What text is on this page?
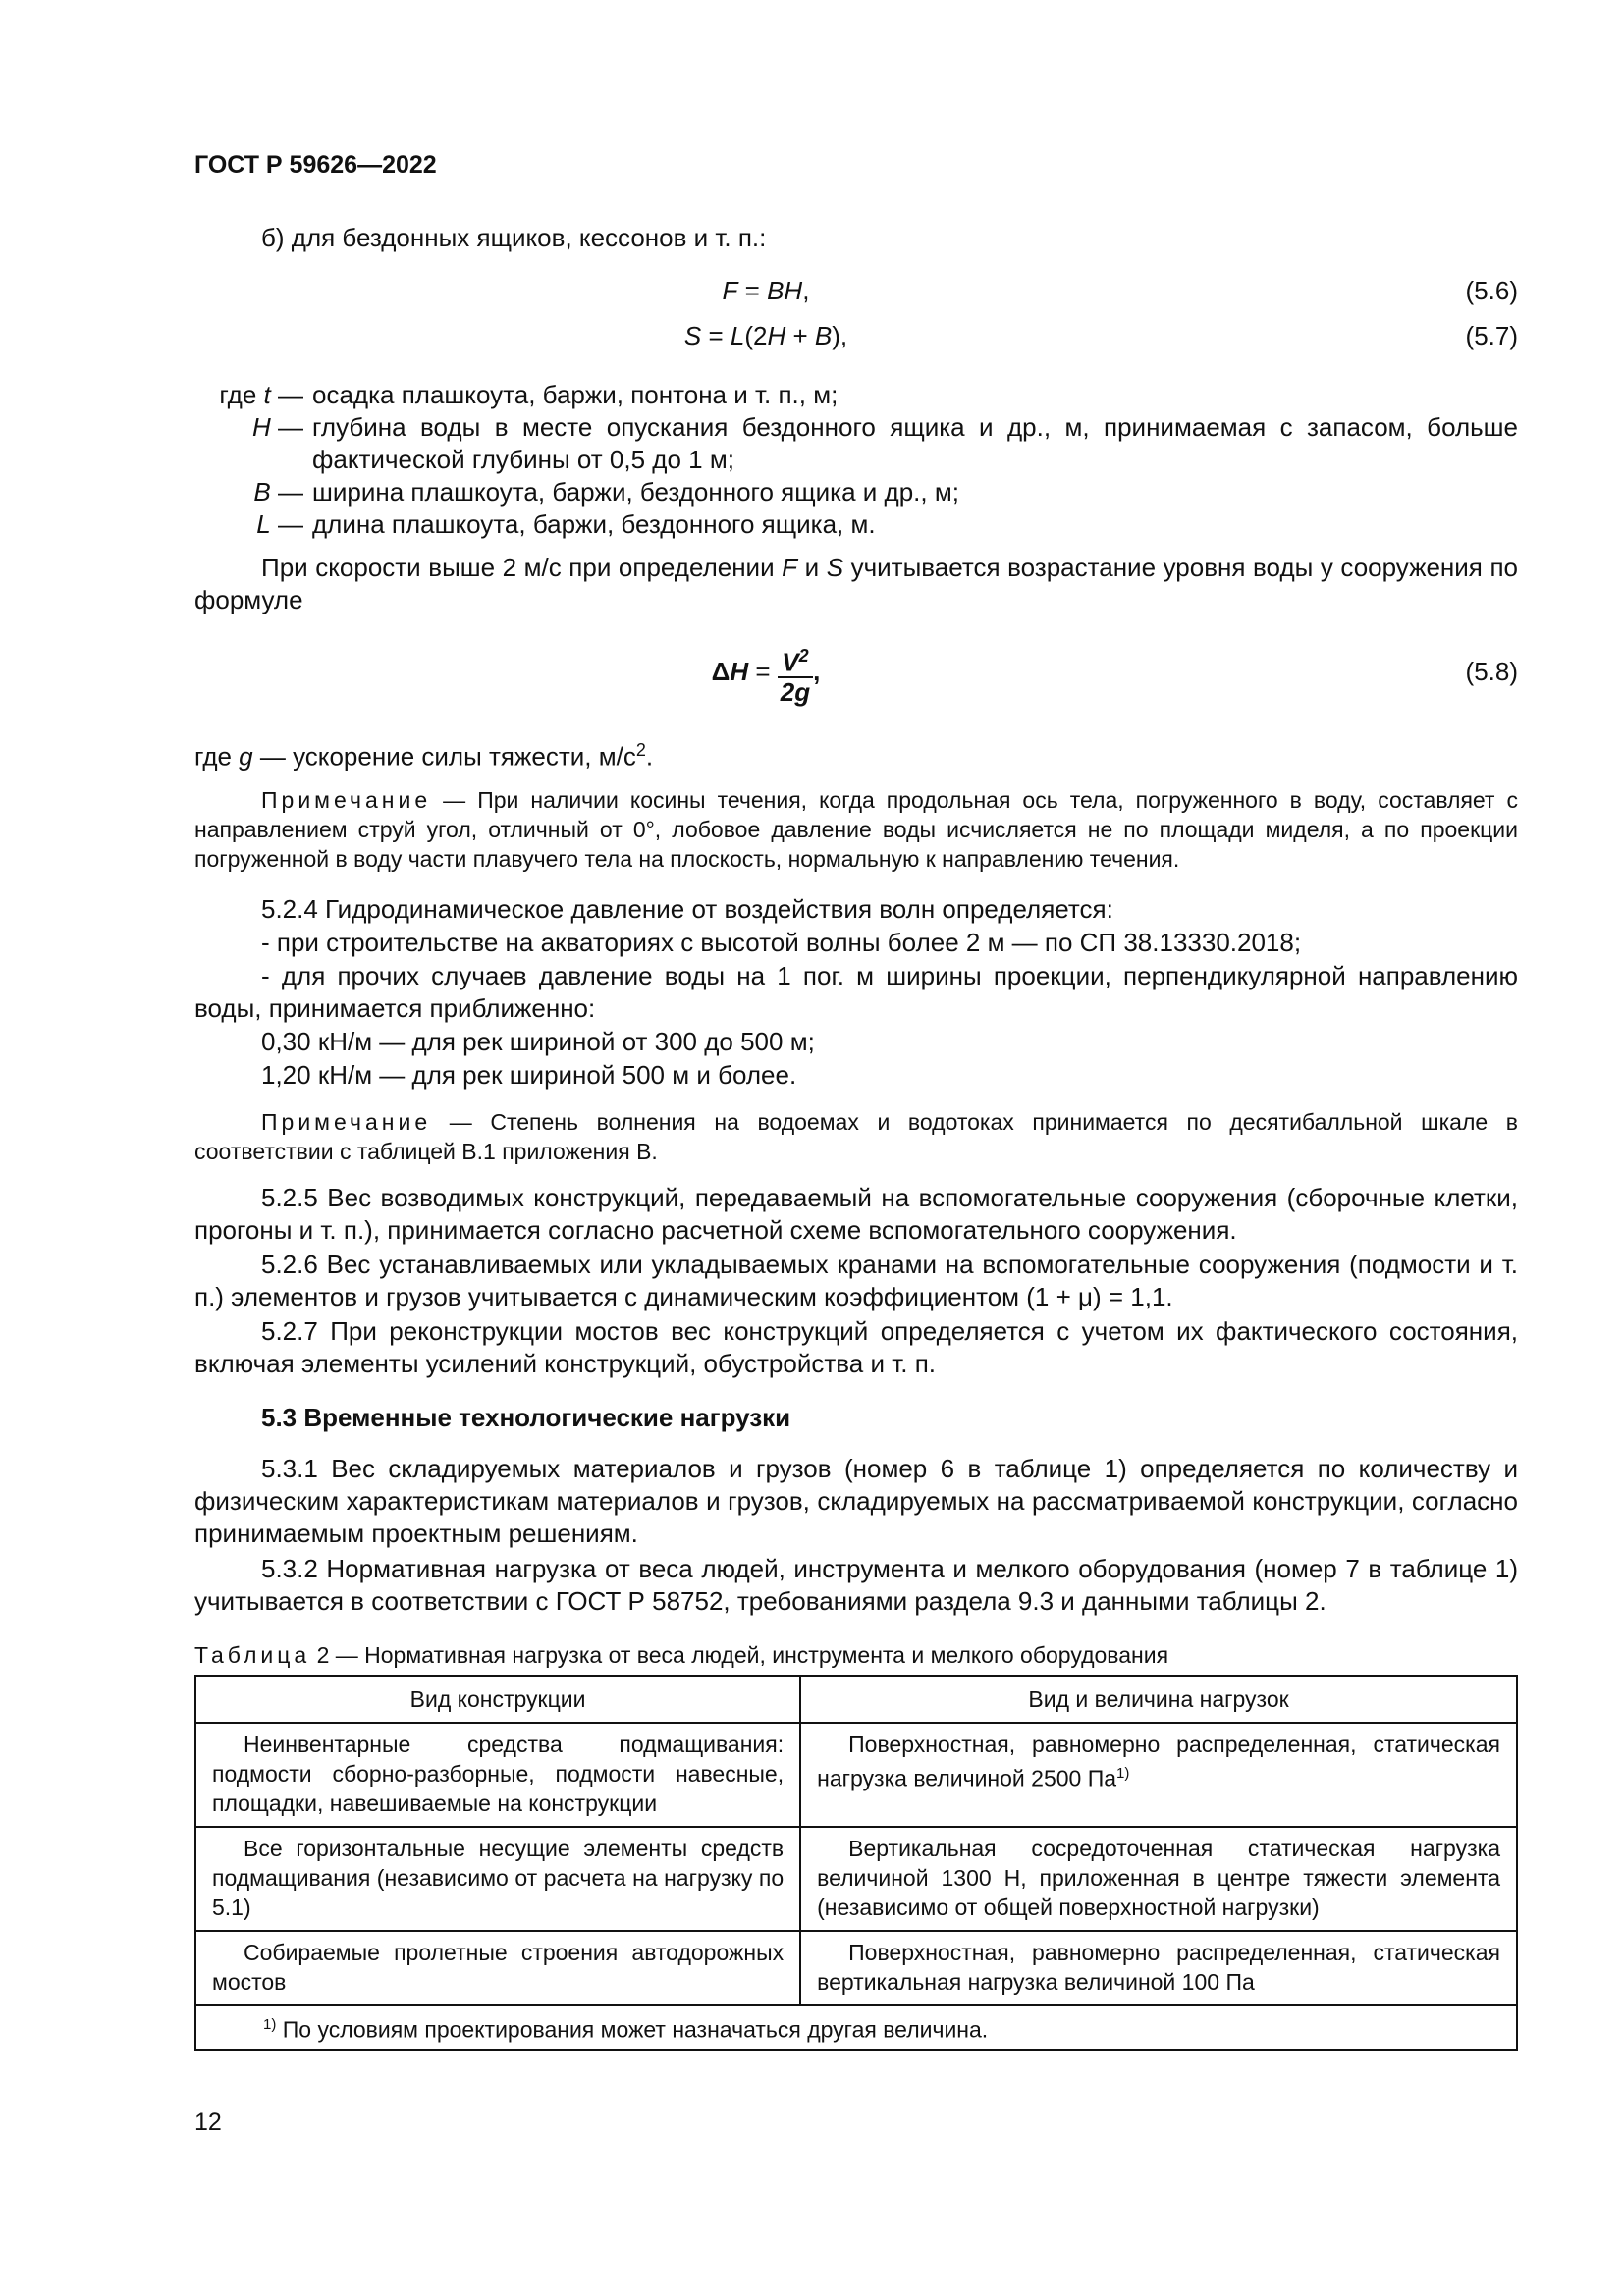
ГОСТ Р 59626—2022
б) для бездонных ящиков, кессонов и т. п.:
F = BH,	(5.6)
S = L(2H + B),	(5.7)
где t — осадка плашкоута, баржи, понтона и т. п., м;
H — глубина воды в месте опускания бездонного ящика и др., м, принимаемая с запасом, больше фактической глубины от 0,5 до 1 м;
B — ширина плашкоута, баржи, бездонного ящика и др., м;
L — длина плашкоута, баржи, бездонного ящика, м.
При скорости выше 2 м/с при определении F и S учитывается возрастание уровня воды у сооружения по формуле
$\Delta H = \frac{V^2}{2g}$ ,	(5.8)
где g — ускорение силы тяжести, $м/с^2$.
Примечание — При наличии косины течения, когда продольная ось тела, погруженного в воду, составляет с направлением струй угол, отличный от 0°, лобовое давление воды исчисляется не по площади миделя, а по проекции погруженной в воду части плавучего тела на плоскость, нормальную к направлению течения.
5.2.4 Гидродинамическое давление от воздействия волн определяется:
- при строительстве на акваториях с высотой волны более 2 м — по СП 38.13330.2018;
- для прочих случаев давление воды на 1 пог. м ширины проекции, перпендикулярной направлению воды, принимается приближенно:
0,30 кН/м — для рек шириной от 300 до 500 м;
1,20 кН/м — для рек шириной 500 м и более.
Примечание — Степень волнения на водоемах и водотоках принимается по десятибалльной шкале в соответствии с таблицей В.1 приложения В.
5.2.5 Вес возводимых конструкций, передаваемый на вспомогательные сооружения (сборочные клетки, прогоны и т. п.), принимается согласно расчетной схеме вспомогательного сооружения.
5.2.6 Вес устанавливаемых или укладываемых кранами на вспомогательные сооружения (подмости и т. п.) элементов и грузов учитывается с динамическим коэффициентом (1 + μ) = 1,1.
5.2.7 При реконструкции мостов вес конструкций определяется с учетом их фактического состояния, включая элементы усилений конструкций, обустройства и т. п.
5.3 Временные технологические нагрузки
5.3.1 Вес складируемых материалов и грузов (номер 6 в таблице 1) определяется по количеству и физическим характеристикам материалов и грузов, складируемых на рассматриваемой конструкции, согласно принимаемым проектным решениям.
5.3.2 Нормативная нагрузка от веса людей, инструмента и мелкого оборудования (номер 7 в таблице 1) учитывается в соответствии с ГОСТ Р 58752, требованиями раздела 9.3 и данными таблицы 2.
Таблица 2 — Нормативная нагрузка от веса людей, инструмента и мелкого оборудования
Вид конструкции	Вид и величина нагрузок
Неинвентарные средства подмащивания: подмости сборно-разборные, подмости навесные, площадки, навешиваемые на конструкции	Поверхностная, равномерно распределенная, статическая нагрузка величиной 2500 $Па^{1)}$
Все горизонтальные несущие элементы средств подмащивания (независимо от расчета на нагрузку по 5.1)	Вертикальная сосредоточенная статическая нагрузка величиной 1300 Н, приложенная в центре тяжести элемента (независимо от общей поверхностной нагрузки)
Собираемые пролетные строения автодорожных мостов	Поверхностная, равномерно распределенная, статическая вертикальная нагрузка величиной 100 Па
$^{1)}$ По условиям проектирования может назначаться другая величина.	
12
